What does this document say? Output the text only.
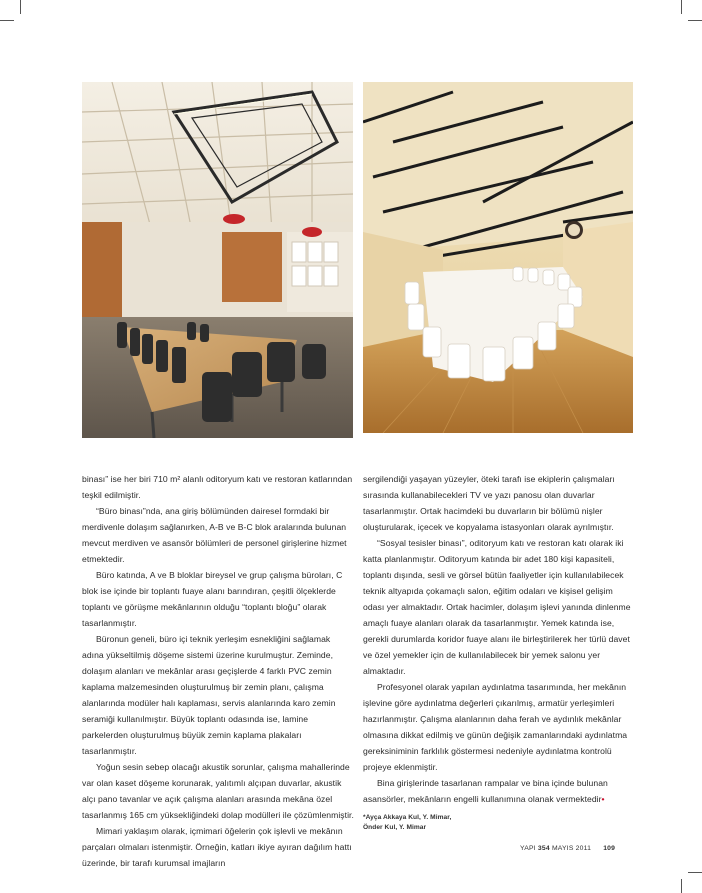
binası” ise her biri 710 m² alanlı oditoryum katı ve restoran katlarından teşkil edilmiştir.

“Büro binası”nda, ana giriş bölümünden dairesel formdaki bir merdivenle dolaşım sağlanırken, A-B ve B-C blok aralarında bulunan mevcut merdiven ve asansör bölümleri de personel girişlerine hizmet etmektedir.

Büro katında, A ve B bloklar bireysel ve grup çalışma büroları, C blok ise içinde bir toplantı fuaye alanı barındıran, çeşitli ölçeklerde toplantı ve görüşme mekânlarının olduğu “toplantı bloğu” olarak tasarlanmıştır.

Büronun geneli, büro içi teknik yerleşim esnekliğini sağlamak adına yükseltilmiş döşeme sistemi üzerine kurulmuştur. Zeminde, dolaşım alanları ve mekânlar arası geçişlerde 4 farklı PVC zemin kaplama malzemesinden oluşturulmuş bir zemin planı, çalışma alanlarında modüler halı kaplaması, servis alanlarında karo zemin seramiği kullanılmıştır. Büyük toplantı odasında ise, lamine parkelerden oluşturulmuş büyük zemin kaplama plakaları tasarlanmıştır.

Yoğun sesin sebep olacağı akustik sorunlar, çalışma mahallerinde var olan kaset döşeme korunarak, yalıtımlı alçıpan duvarlar, akustik alçı pano tavanlar ve açık çalışma alanları arasında mekâna özel tasarlanmış 165 cm yüksekliğindeki dolap modülleri ile çözümlenmiştir.

Mimari yaklaşım olarak, içmimari öğelerin çok işlevli ve mekânın parçaları olmaları istenmiştir. Örneğin, katları ikiye ayıran dağılım hattı üzerinde, bir tarafı kurumsal imajların

sergilendiği yaşayan yüzeyler, öteki tarafı ise ekiplerin çalışmaları sırasında kullanabilecekleri TV ve yazı panosu olan duvarlar tasarlanmıştır. Ortak hacimdeki bu duvarların bir bölümü nişler oluşturularak, içecek ve kopyalama istasyonları olarak ayrılmıştır.

“Sosyal tesisler binası”, oditoryum katı ve restoran katı olarak iki katta planlanmıştır. Oditoryum katında bir adet 180 kişi kapasiteli, toplantı dışında, sesli ve görsel bütün faaliyetler için kullanılabilecek teknik altyapıda çokamaçlı salon, eğitim odaları ve kişisel gelişim odası yer almaktadır. Ortak hacimler, dolaşım işlevi yanında dinlenme amaçlı fuaye alanları olarak da tasarlanmıştır. Yemek katında ise, gerekli durumlarda koridor fuaye alanı ile birleştirilerek her türlü davet ve özel yemekler için de kullanılabilecek bir yemek salonu yer almaktadır.

Profesyonel olarak yapılan aydınlatma tasarımında, her mekânın işlevine göre aydınlatma değerleri çıkarılmış, armatür yerleşimleri hazırlanmıştır. Çalışma alanlarının daha ferah ve aydınlık mekânlar olmasına dikkat edilmiş ve günün değişik zamanlarındaki aydınlatma gereksiniminin farklılık göstermesi nedeniyle aydınlatma kontrolü projeye eklenmiştir.

Bina girişlerinde tasarlanan rampalar ve bina içinde bulunan asansörler, mekânların engelli kullanımına olanak vermektedir•

*Ayça Akkaya Kul, Y. Mimar,
Önder Kul, Y. Mimar
YAPI 354 MAYIS 2011 109
